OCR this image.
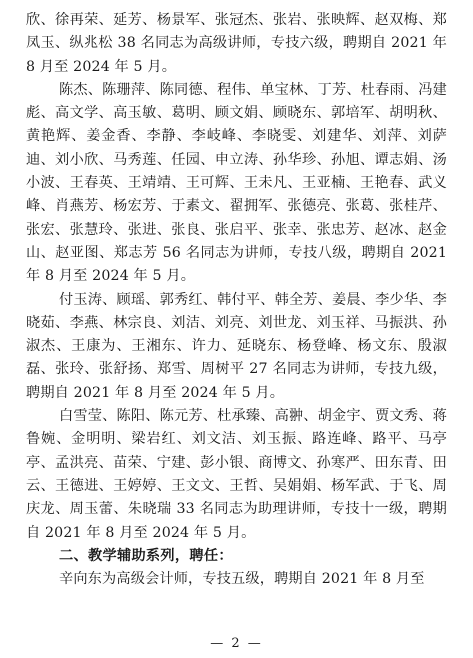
欣、徐再荣、延芳、杨景军、张冠杰、张岩、张映辉、赵双梅、郑凤玉、纵兆松 38 名同志为高级讲师，专技六级，聘期自 2021 年 8 月至 2024 年 5 月。

陈杰、陈珊萍、陈同德、程伟、单宝林、丁芳、杜春雨、冯建彪、高文学、高玉敏、葛明、顾文娟、顾晓东、郭培军、胡明秋、黄艳辉、姜金香、李静、李岐峰、李晓雯、刘建华、刘萍、刘萨迪、刘小欣、马秀莲、任园、申立涛、孙华珍、孙旭、谭志娟、汤小波、王春英、王靖靖、王可辉、王未凡、王亚楠、王艳春、武义峰、肖燕芳、杨宏芳、于素文、翟拥军、张德亮、张葛、张桂芹、张宏、张慧玲、张进、张良、张启平、张幸、张忠芳、赵冰、赵金山、赵亚图、郑志芳 56 名同志为讲师，专技八级，聘期自 2021 年 8 月至 2024 年 5 月。

付玉涛、顾瑶、郭秀红、韩付平、韩全芳、姜晨、李少华、李晓茹、李燕、林宗良、刘洁、刘亮、刘世龙、刘玉祥、马振洪、孙淑杰、王康为、王湘东、许力、延晓东、杨登峰、杨文东、殷淑磊、张玲、张舒扬、郑雪、周树平 27 名同志为讲师，专技九级，聘期自 2021 年 8 月至 2024 年 5 月。

白雪莹、陈阳、陈元芳、杜承臻、高翀、胡金宇、贾文秀、蒋鲁婉、金明明、梁岩红、刘文洁、刘玉振、路连峰、路平、马亭亭、孟洪亮、苗荣、宁建、彭小银、商博文、孙寒严、田东青、田云、王德进、王婷婷、王文文、王哲、吴娟娟、杨军武、于飞、周庆龙、周玉蕾、朱晓瑞 33 名同志为助理讲师，专技十一级，聘期自 2021 年 8 月至 2024 年 5 月。

二、教学辅助系列，聘任：

辛向东为高级会计师，专技五级，聘期自 2021 年 8 月至

— 2 —
